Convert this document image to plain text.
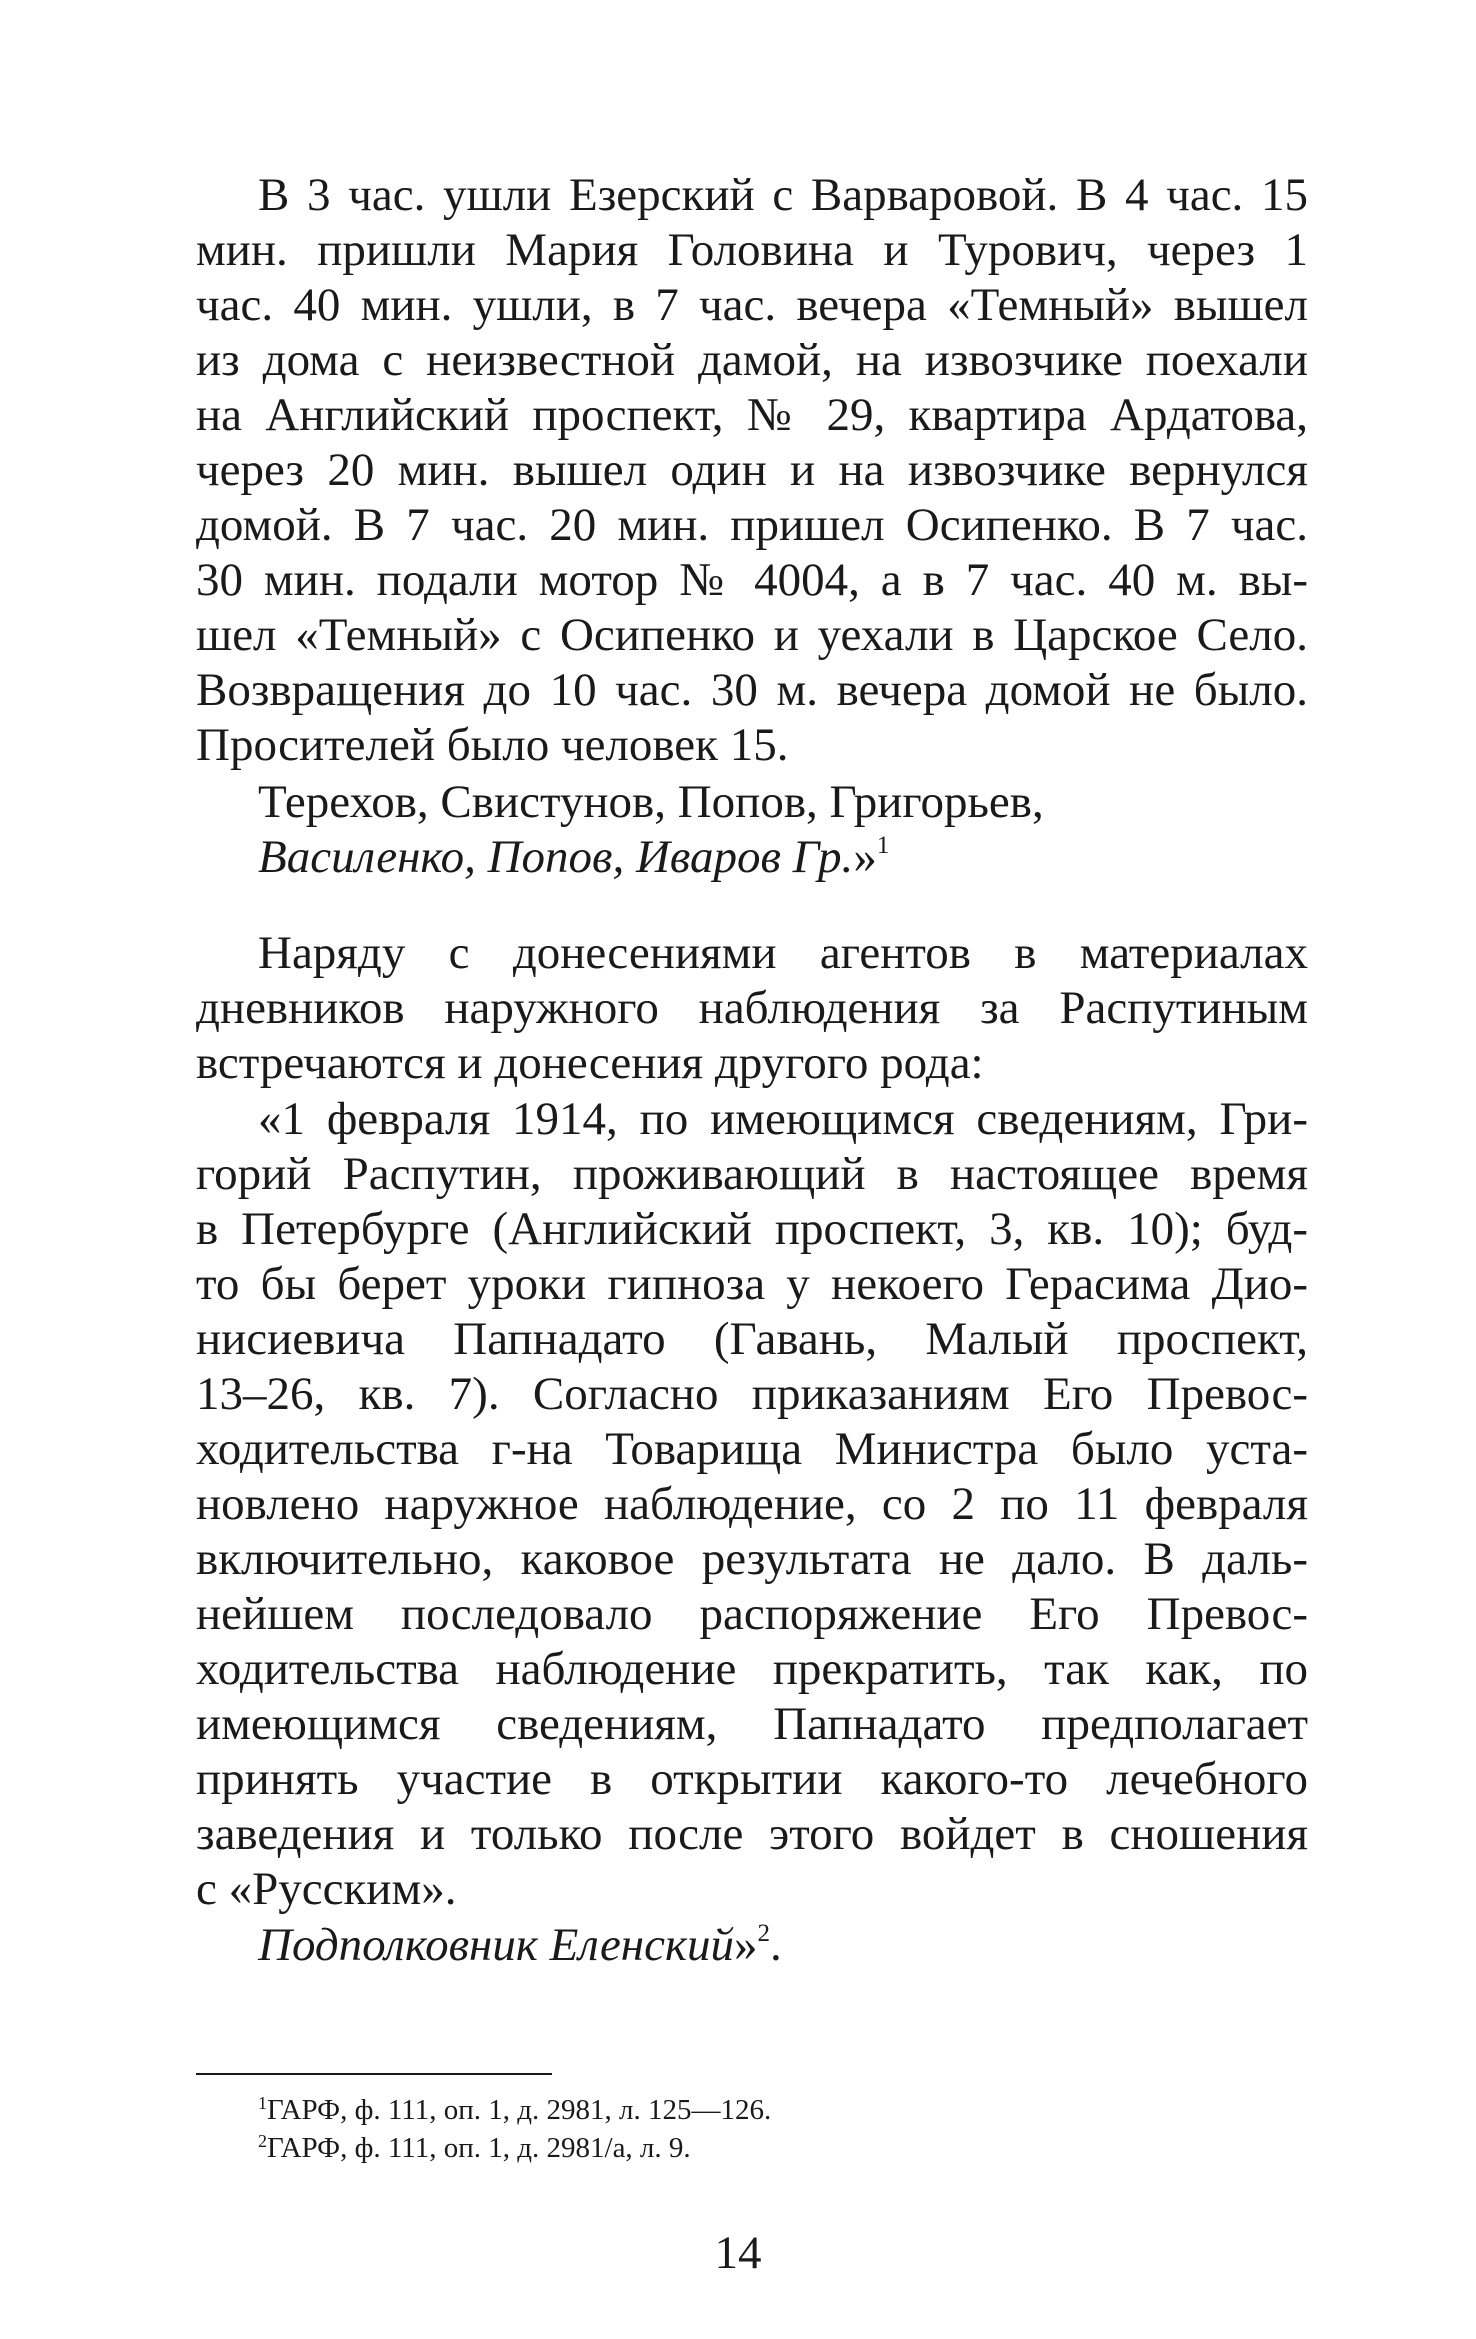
В 3 час. ушли Езерский с Варваровой. В 4 час. 15
мин. пришли Мария Головина и Турович, через 1
час. 40 мин. ушли, в 7 час. вечера «Темный» вышел
из дома с неизвестной дамой, на извозчике поехали
на Английский проспект, № 29, квартира Ардатова,
через 20 мин. вышел один и на извозчике вернулся
домой. В 7 час. 20 мин. пришел Осипенко. В 7 час.
30 мин. подали мотор № 4004, а в 7 час. 40 м. вы-
шел «Темный» с Осипенко и уехали в Царское Село.
Возвращения до 10 час. 30 м. вечера домой не было.
Просителей было человек 15.
Терехов, Свистунов, Попов, Григорьев,
Василенко, Попов, Иваров Гр.»$^1$
Наряду с донесениями агентов в материалах
дневников наружного наблюдения за Распутиным
встречаются и донесения другого рода:
«1 февраля 1914, по имеющимся сведениям, Гри-
горий Распутин, проживающий в настоящее время
в Петербурге (Английский проспект, 3, кв. 10); буд-
то бы берет уроки гипноза у некоего Герасима Дио-
нисиевича Папнадато (Гавань, Малый проспект,
13–26, кв. 7). Согласно приказаниям Его Превос-
ходительства г-на Товарища Министра было уста-
новлено наружное наблюдение, со 2 по 11 февраля
включительно, каковое результата не дало. В даль-
нейшем последовало распоряжение Его Превос-
ходительства наблюдение прекратить, так как, по
имеющимся сведениям, Папнадато предполагает
принять участие в открытии какого-то лечебного
заведения и только после этого войдет в сношения
с «Русским».
Подполковник Еленский»$^2$.
$^1$ГАРФ, ф. 111, оп. 1, д. 2981, л. 125—126.
$^2$ГАРФ, ф. 111, оп. 1, д. 2981/а, л. 9.
14
